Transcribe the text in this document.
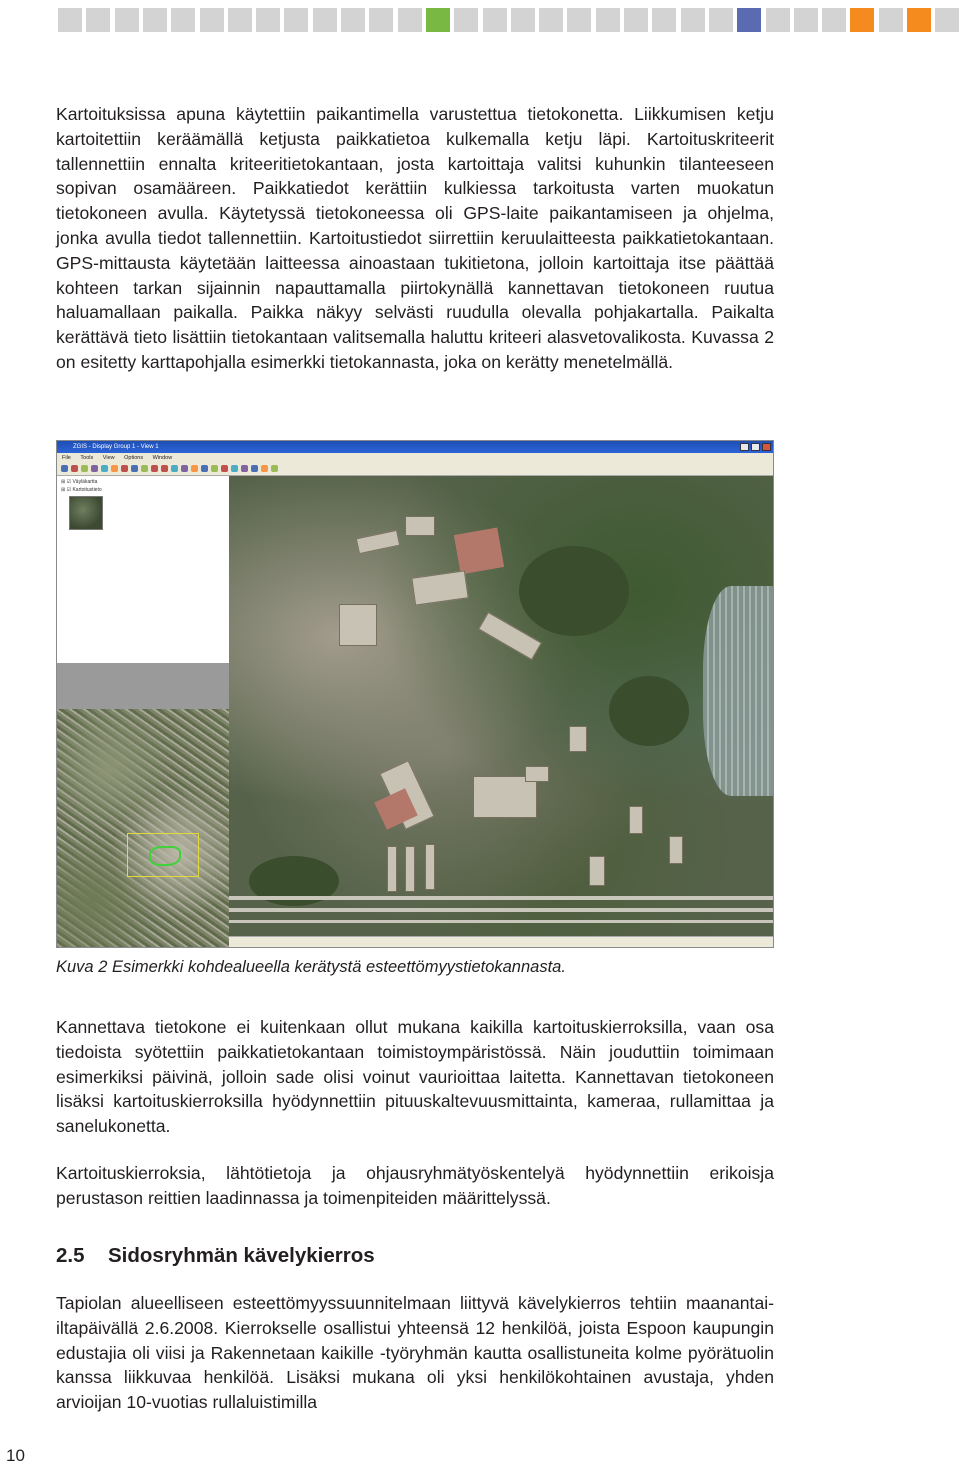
Kartoituksissa apuna käytettiin paikantimella varustettua tietokonetta. Liikkumisen ketju kartoitettiin keräämällä ketjusta paikkatietoa kulkemalla ketju läpi. Kartoituskriteerit tallennettiin ennalta kriteeritietokantaan, josta kartoittaja valitsi kuhunkin tilanteeseen sopivan osamääreen. Paikkatiedot kerättiin kulkiessa tarkoitusta varten muokatun tietokoneen avulla. Käytetyssä tietokoneessa oli GPS-laite paikantamiseen ja ohjelma, jonka avulla tiedot tallennettiin. Kartoitustiedot siirrettiin keruulaitteesta paikkatietokantaan. GPS-mittausta käytetään laitteessa ainoastaan tukitietona, jolloin kartoittaja itse päättää kohteen tarkan sijainnin napauttamalla piirtokynällä kannettavan tietokoneen ruutua haluamallaan paikalla. Paikka näkyy selvästi ruudulla olevalla pohjakartalla. Paikalta kerättävä tieto lisättiin tietokantaan valitsemalla haluttu kriteeri alasvetovalikosta. Kuvassa 2 on esitetty karttapohjalla esimerkki tietokannasta, joka on kerätty menetelmällä.

ZGIS - Display Group 1 - View 1
File Tools View Options Window
⊞ ☑ Väyläkartta
⊞ ☑ Kartoitustieto

Kuva 2 Esimerkki kohdealueella kerätystä esteettömyystietokannasta.

Kannettava tietokone ei kuitenkaan ollut mukana kaikilla kartoituskierroksilla, vaan osa tiedoista syötettiin paikkatietokantaan toimistoympäristössä. Näin jouduttiin toimimaan esimerkiksi päivinä, jolloin sade olisi voinut vaurioittaa laitetta. Kannettavan tietokoneen lisäksi kartoituskierroksilla hyödynnettiin pituuskaltevuusmittainta, kameraa, rullamittaa ja sanelukonetta.

Kartoituskierroksia, lähtötietoja ja ohjausryhmätyöskentelyä hyödynnettiin erikoisja perustason reittien laadinnassa ja toimenpiteiden määrittelyssä.

2.5 Sidosryhmän kävelykierros

Tapiolan alueelliseen esteettömyyssuunnitelmaan liittyvä kävelykierros tehtiin maanantai-iltapäivällä 2.6.2008. Kierrokselle osallistui yhteensä 12 henkilöä, joista Espoon kaupungin edustajia oli viisi ja Rakennetaan kaikille -työryhmän kautta osallistuneita kolme pyörätuolin kanssa liikkuvaa henkilöä. Lisäksi mukana oli yksi henkilökohtainen avustaja, yhden arvioijan 10-vuotias rullaluistimilla

10
